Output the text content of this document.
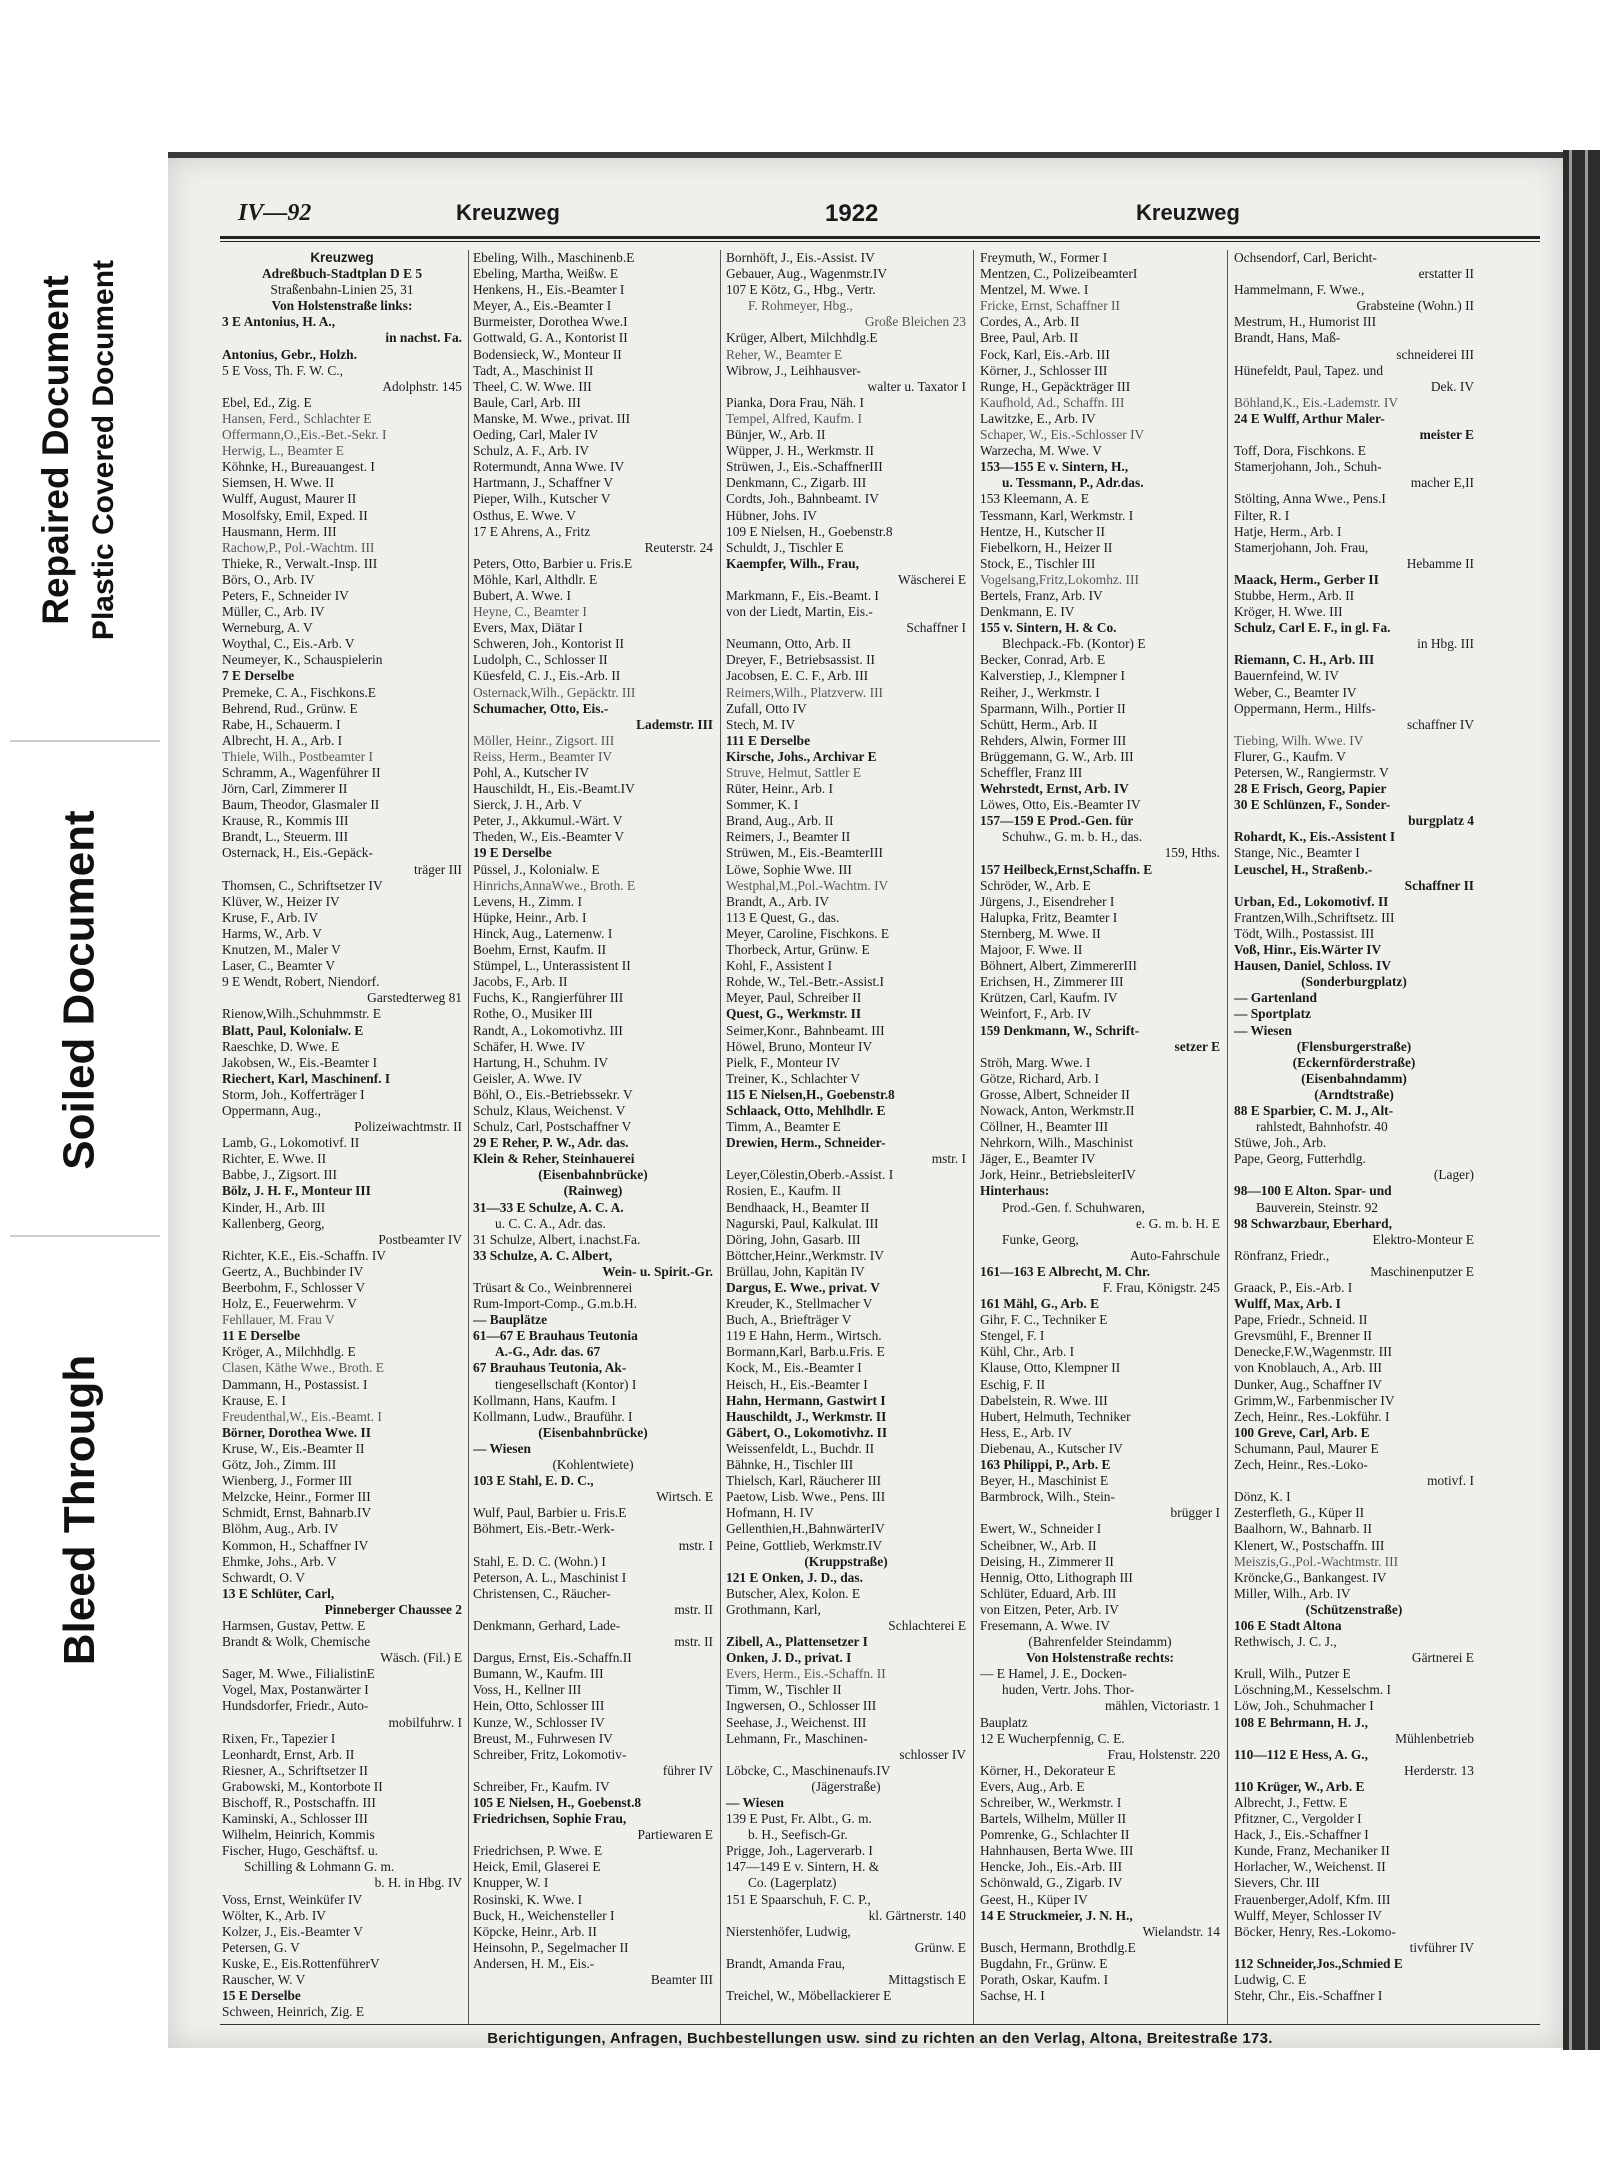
Repaired Document Plastic Covered Document
Soiled Document
Bleed Through
IV—92	Kreuzweg	1922	Kreuzweg
Kreuzweg
Adreßbuch-Stadtplan D E 5
Straßenbahn-Linien 25, 31
Von Holstenstraße links:
3 E Antonius, H. A.,
in nachst. Fa.
Antonius, Gebr., Holzh.
5 E Voss, Th. F. W. C.,
Adolphstr. 145
Ebel, Ed., Zig. E
Hansen, Ferd., Schlachter E
Offermann,O.,Eis.-Bet.-Sekr. I
Herwig, L., Beamter E
Köhnke, H., Bureauangest. I
Siemsen, H. Wwe. II
Wulff, August, Maurer II
Mosolfsky, Emil, Exped. II
Hausmann, Herm. III
Rachow,P., Pol.-Wachtm. III
Thieke, R., Verwalt.-Insp. III
Börs, O., Arb. IV
Peters, F., Schneider IV
Müller, C., Arb. IV
Werneburg, A. V
Woythal, C., Eis.-Arb. V
Neumeyer, K., Schauspielerin
7 E Derselbe
Premeke, C. A., Fischkons.E
Behrend, Rud., Grünw. E
Rabe, H., Schauerm. I
Albrecht, H. A., Arb. I
Thiele, Wilh., Postbeamter I
Schramm, A., Wagenführer II
Jörn, Carl, Zimmerer II
Baum, Theodor, Glasmaler II
Krause, R., Kommis III
Brandt, L., Steuerm. III
Osternack, H., Eis.-Gepäck-
träger III
Thomsen, C., Schriftsetzer IV
Klüver, W., Heizer IV
Kruse, F., Arb. IV
Harms, W., Arb. V
Knutzen, M., Maler V
Laser, C., Beamter V
9 E Wendt, Robert, Niendorf.
Garstedterweg 81
Rienow,Wilh.,Schuhmmstr. E
Blatt, Paul, Kolonialw. E
Raeschke, D. Wwe. E
Jakobsen, W., Eis.-Beamter I
Riechert, Karl, Maschinenf. I
Storm, Joh., Kofferträger I
Oppermann, Aug.,
Polizeiwachtmstr. II
Lamb, G., Lokomotivf. II
Richter, E. Wwe. II
Babbe, J., Zigsort. III
Bölz, J. H. F., Monteur III
Kinder, H., Arb. III
Kallenberg, Georg,
Postbeamter IV
Richter, K.E., Eis.-Schaffn. IV
Geertz, A., Buchbinder IV
Beerbohm, F., Schlosser V
Holz, E., Feuerwehrm. V
Fehllauer, M. Frau V
11 E Derselbe
Kröger, A., Milchhdlg. E
Clasen, Käthe Wwe., Broth. E
Dammann, H., Postassist. I
Krause, E. I
Freudenthal,W., Eis.-Beamt. I
Börner, Dorothea Wwe. II
Kruse, W., Eis.-Beamter II
Götz, Joh., Zimm. III
Wienberg, J., Former III
Melzcke, Heinr., Former III
Schmidt, Ernst, Bahnarb.IV
Blöhm, Aug., Arb. IV
Kommon, H., Schaffner IV
Ehmke, Johs., Arb. V
Schwardt, O. V
13 E Schlüter, Carl,
Pinneberger Chaussee 2
Harmsen, Gustav, Pettw. E
Brandt & Wolk, Chemische
Wäsch. (Fil.) E
Sager, M. Wwe., FilialistinE
Vogel, Max, Postanwärter I
Hundsdorfer, Friedr., Auto-
mobilfuhrw. I
Rixen, Fr., Tapezier I
Leonhardt, Ernst, Arb. II
Riesner, A., Schriftsetzer II
Grabowski, M., Kontorbote II
Bischoff, R., Postschaffn. III
Kaminski, A., Schlosser III
Wilhelm, Heinrich, Kommis
Fischer, Hugo, Geschäftsf. u.
Schilling & Lohmann G. m.
b. H. in Hbg. IV
Voss, Ernst, Weinküfer IV
Wölter, K., Arb. IV
Kolzer, J., Eis.-Beamter V
Petersen, G. V
Kuske, E., Eis.RottenführerV
Rauscher, W. V
15 E Derselbe
Schween, Heinrich, Zig. E
Ebeling, Wilh., Maschinenb.E
Ebeling, Martha, Weißw. E
Henkens, H., Eis.-Beamter I
Meyer, A., Eis.-Beamter I
Burmeister, Dorothea Wwe.I
Gottwald, G. A., Kontorist II
Bodensieck, W., Monteur II
Tadt, A., Maschinist II
Theel, C. W. Wwe. III
Baule, Carl, Arb. III
Manske, M. Wwe., privat. III
Oeding, Carl, Maler IV
Schulz, A. F., Arb. IV
Rotermundt, Anna Wwe. IV
Hartmann, J., Schaffner V
Pieper, Wilh., Kutscher V
Osthus, E. Wwe. V
17 E Ahrens, A., Fritz
Reuterstr. 24
Peters, Otto, Barbier u. Fris.E
Möhle, Karl, Althdlr. E
Bubert, A. Wwe. I
Heyne, C., Beamter I
Evers, Max, Diätar I
Schweren, Joh., Kontorist II
Ludolph, C., Schlosser II
Küesfeld, C. J., Eis.-Arb. II
Osternack,Wilh., Gepäcktr. III
Schumacher, Otto, Eis.-
Lademstr. III
Möller, Heinr., Zigsort. III
Reiss, Herm., Beamter IV
Pohl, A., Kutscher IV
Hauschildt, H., Eis.-Beamt.IV
Sierck, J. H., Arb. V
Peter, J., Akkumul.-Wärt. V
Theden, W., Eis.-Beamter V
19 E Derselbe
Püssel, J., Kolonialw. E
Hinrichs,AnnaWwe., Broth. E
Levens, H., Zimm. I
Hüpke, Heinr., Arb. I
Hinck, Aug., Laternenw. I
Boehm, Ernst, Kaufm. II
Stümpel, L., Unterassistent II
Jacobs, F., Arb. II
Fuchs, K., Rangierführer III
Rothe, O., Musiker III
Randt, A., Lokomotivhz. III
Schäfer, H. Wwe. IV
Hartung, H., Schuhm. IV
Geisler, A. Wwe. IV
Böhl, O., Eis.-Betriebssekr. V
Schulz, Klaus, Weichenst. V
Schulz, Carl, Postschaffner V
29 E Reher, P. W., Adr. das.
Klein & Reher, Steinhauerei
(Eisenbahnbrücke)
(Rainweg)
31—33 E Schulze, A. C. A.
u. C. C. A., Adr. das.
31 Schulze, Albert, i.nachst.Fa.
33 Schulze, A. C. Albert,
Wein- u. Spirit.-Gr.
Trüsart & Co., Weinbrennerei
Rum-Import-Comp., G.m.b.H.
— Bauplätze
61—67 E Brauhaus Teutonia
A.-G., Adr. das. 67
67 Brauhaus Teutonia, Ak-
tiengesellschaft (Kontor) I
Kollmann, Hans, Kaufm. I
Kollmann, Ludw., Brauführ. I
(Eisenbahnbrücke)
— Wiesen
(Kohlentwiete)
103 E Stahl, E. D. C.,
Wirtsch. E
Wulf, Paul, Barbier u. Fris.E
Böhmert, Eis.-Betr.-Werk-
mstr. I
Stahl, E. D. C. (Wohn.) I
Peterson, A. L., Maschinist I
Christensen, C., Räucher-
mstr. II
Denkmann, Gerhard, Lade-
mstr. II
Dargus, Ernst, Eis.-Schaffn.II
Bumann, W., Kaufm. III
Voss, H., Kellner III
Hein, Otto, Schlosser III
Kunze, W., Schlosser IV
Breust, M., Fuhrwesen IV
Schreiber, Fritz, Lokomotiv-
führer IV
Schreiber, Fr., Kaufm. IV
105 E Nielsen, H., Goebenst.8
Friedrichsen, Sophie Frau,
Partiewaren E
Friedrichsen, P. Wwe. E
Heick, Emil, Glaserei E
Knupper, W. I
Rosinski, K. Wwe. I
Buck, H., Weichensteller I
Köpcke, Heinr., Arb. II
Heinsohn, P., Segelmacher II
Andersen, H. M., Eis.-
Beamter III
Bornhöft, J., Eis.-Assist. IV
Gebauer, Aug., Wagenmstr.IV
107 E Kötz, G., Hbg., Vertr.
F. Rohmeyer, Hbg.,
Große Bleichen 23
Krüger, Albert, Milchhdlg.E
Reher, W., Beamter E
Wibrow, J., Leihhausver-
walter u. Taxator I
Pianka, Dora Frau, Näh. I
Tempel, Alfred, Kaufm. I
Bünjer, W., Arb. II
Wüpper, J. H., Werkmstr. II
Strüwen, J., Eis.-SchaffnerIII
Denkmann, C., Zigarb. III
Cordts, Joh., Bahnbeamt. IV
Hübner, Johs. IV
109 E Nielsen, H., Goebenstr.8
Schuldt, J., Tischler E
Kaempfer, Wilh., Frau,
Wäscherei E
Markmann, F., Eis.-Beamt. I
von der Liedt, Martin, Eis.-
Schaffner I
Neumann, Otto, Arb. II
Dreyer, F., Betriebsassist. II
Jacobsen, E. C. F., Arb. III
Reimers,Wilh., Platzverw. III
Zufall, Otto IV
Stech, M. IV
111 E Derselbe
Kirsche, Johs., Archivar E
Struve, Helmut, Sattler E
Rüter, Heinr., Arb. I
Sommer, K. I
Brand, Aug., Arb. II
Reimers, J., Beamter II
Strüwen, M., Eis.-BeamterIII
Löwe, Sophie Wwe. III
Westphal,M.,Pol.-Wachtm. IV
Brandt, A., Arb. IV
113 E Quest, G., das.
Meyer, Caroline, Fischkons. E
Thorbeck, Artur, Grünw. E
Kohl, F., Assistent I
Rohde, W., Tel.-Betr.-Assist.I
Meyer, Paul, Schreiber II
Quest, G., Werkmstr. II
Seimer,Konr., Bahnbeamt. III
Höwel, Bruno, Monteur IV
Pielk, F., Monteur IV
Treiner, K., Schlachter V
115 E Nielsen,H., Goebenstr.8
Schlaack, Otto, Mehlhdlr. E
Timm, A., Beamter E
Drewien, Herm., Schneider-
mstr. I
Leyer,Cölestin,Oberb.-Assist. I
Rosien, E., Kaufm. II
Bendhaack, H., Beamter II
Nagurski, Paul, Kalkulat. III
Döring, John, Gasarb. III
Böttcher,Heinr.,Werkmstr. IV
Brüllau, John, Kapitän IV
Dargus, E. Wwe., privat. V
Kreuder, K., Stellmacher V
Buch, A., Briefträger V
119 E Hahn, Herm., Wirtsch.
Bormann,Karl, Barb.u.Fris. E
Kock, M., Eis.-Beamter I
Heisch, H., Eis.-Beamter I
Hahn, Hermann, Gastwirt I
Hauschildt, J., Werkmstr. II
Gäbert, O., Lokomotivhz. II
Weissenfeldt, L., Buchdr. II
Bähnke, H., Tischler III
Thielsch, Karl, Räucherer III
Paetow, Lisb. Wwe., Pens. III
Hofmann, H. IV
Gellenthien,H.,BahnwärterIV
Peine, Gottlieb, Werkmstr.IV
(Kruppstraße)
121 E Onken, J. D., das.
Butscher, Alex, Kolon. E
Grothmann, Karl,
Schlachterei E
Zibell, A., Plattensetzer I
Onken, J. D., privat. I
Evers, Herm., Eis.-Schaffn. II
Timm, W., Tischler II
Ingwersen, O., Schlosser III
Seehase, J., Weichenst. III
Lehmann, Fr., Maschinen-
schlosser IV
Löbcke, C., Maschinenaufs.IV
(Jägerstraße)
— Wiesen
139 E Pust, Fr. Albt., G. m.
b. H., Seefisch-Gr.
Prigge, Joh., Lagerverarb. I
147—149 E v. Sintern, H. &
Co. (Lagerplatz)
151 E Spaarschuh, F. C. P.,
kl. Gärtnerstr. 140
Nierstenhöfer, Ludwig,
Grünw. E
Brandt, Amanda Frau,
Mittagstisch E
Treichel, W., Möbellackierer E
Freymuth, W., Former I
Mentzen, C., PolizeibeamterI
Mentzel, M. Wwe. I
Fricke, Ernst, Schaffner II
Cordes, A., Arb. II
Bree, Paul, Arb. II
Fock, Karl, Eis.-Arb. III
Körner, J., Schlosser III
Runge, H., Gepäckträger III
Kaufhold, Ad., Schaffn. III
Lawitzke, E., Arb. IV
Schaper, W., Eis.-Schlosser IV
Warzecha, M. Wwe. V
153—155 E v. Sintern, H.,
u. Tessmann, P., Adr.das.
153 Kleemann, A. E
Tessmann, Karl, Werkmstr. I
Hentze, H., Kutscher II
Fiebelkorn, H., Heizer II
Stock, E., Tischler III
Vogelsang,Fritz,Lokomhz. III
Bertels, Franz, Arb. IV
Denkmann, E. IV
155 v. Sintern, H. & Co.
Blechpack.-Fb. (Kontor) E
Becker, Conrad, Arb. E
Kalverstiep, J., Klempner I
Reiher, J., Werkmstr. I
Sparmann, Wilh., Portier II
Schütt, Herm., Arb. II
Rehders, Alwin, Former III
Brüggemann, G. W., Arb. III
Scheffler, Franz III
Wehrstedt, Ernst, Arb. IV
Löwes, Otto, Eis.-Beamter IV
157—159 E Prod.-Gen. für
Schuhw., G. m. b. H., das.
159, Hths.
157 Heilbeck,Ernst,Schaffn. E
Schröder, W., Arb. E
Jürgens, J., Eisendreher I
Halupka, Fritz, Beamter I
Sternberg, M. Wwe. II
Majoor, F. Wwe. II
Böhnert, Albert, ZimmererIII
Erichsen, H., Zimmerer III
Krützen, Carl, Kaufm. IV
Weinfort, F., Arb. IV
159 Denkmann, W., Schrift-
setzer E
Ströh, Marg. Wwe. I
Götze, Richard, Arb. I
Grosse, Albert, Schneider II
Nowack, Anton, Werkmstr.II
Cöllner, H., Beamter III
Nehrkorn, Wilh., Maschinist
Jäger, E., Beamter IV
Jork, Heinr., BetriebsleiterIV
Hinterhaus:
Prod.-Gen. f. Schuhwaren,
e. G. m. b. H. E
Funke, Georg,
Auto-Fahrschule
161—163 E Albrecht, M. Chr.
F. Frau, Königstr. 245
161 Mähl, G., Arb. E
Gihr, F. C., Techniker E
Stengel, F. I
Kühl, Chr., Arb. I
Klause, Otto, Klempner II
Eschig, F. II
Dabelstein, R. Wwe. III
Hubert, Helmuth, Techniker
Hess, E., Arb. IV
Diebenau, A., Kutscher IV
163 Philippi, P., Arb. E
Beyer, H., Maschinist E
Barmbrock, Wilh., Stein-
brügger I
Ewert, W., Schneider I
Scheibner, W., Arb. II
Deising, H., Zimmerer II
Hennig, Otto, Lithograph III
Schlüter, Eduard, Arb. III
von Eitzen, Peter, Arb. IV
Fresemann, A. Wwe. IV
(Bahrenfelder Steindamm)
Von Holstenstraße rechts:
— E Hamel, J. E., Docken-
huden, Vertr. Johs. Thor-
mählen, Victoriastr. 1
Bauplatz
12 E Wucherpfennig, C. E.
Frau, Holstenstr. 220
Körner, H., Dekorateur E
Evers, Aug., Arb. E
Schreiber, W., Werkmstr. I
Bartels, Wilhelm, Müller II
Pomrenke, G., Schlachter II
Hahnhausen, Berta Wwe. III
Hencke, Joh., Eis.-Arb. III
Schönwald, G., Zigarb. IV
Geest, H., Küper IV
14 E Struckmeier, J. N. H.,
Wielandstr. 14
Busch, Hermann, Brothdlg.E
Bugdahn, Fr., Grünw. E
Porath, Oskar, Kaufm. I
Sachse, H. I
Ochsendorf, Carl, Bericht-
erstatter II
Hammelmann, F. Wwe.,
Grabsteine (Wohn.) II
Mestrum, H., Humorist III
Brandt, Hans, Maß-
schneiderei III
Hünefeldt, Paul, Tapez. und
Dek. IV
Böhland,K., Eis.-Lademstr. IV
24 E Wulff, Arthur Maler-
meister E
Toff, Dora, Fischkons. E
Stamerjohann, Joh., Schuh-
macher E,II
Stölting, Anna Wwe., Pens.I
Filter, R. I
Hatje, Herm., Arb. I
Stamerjohann, Joh. Frau,
Hebamme II
Maack, Herm., Gerber II
Stubbe, Herm., Arb. II
Kröger, H. Wwe. III
Schulz, Carl E. F., in gl. Fa.
in Hbg. III
Riemann, C. H., Arb. III
Bauernfeind, W. IV
Weber, C., Beamter IV
Oppermann, Herm., Hilfs-
schaffner IV
Tiebing, Wilh. Wwe. IV
Flurer, G., Kaufm. V
Petersen, W., Rangiermstr. V
28 E Frisch, Georg, Papier
30 E Schlünzen, F., Sonder-
burgplatz 4
Rohardt, K., Eis.-Assistent I
Stange, Nic., Beamter I
Leuschel, H., Straßenb.-
Schaffner II
Urban, Ed., Lokomotivf. II
Frantzen,Wilh.,Schriftsetz. III
Tödt, Wilh., Postassist. III
Voß, Hinr., Eis.Wärter IV
Hausen, Daniel, Schloss. IV
(Sonderburgplatz)
— Gartenland
— Sportplatz
— Wiesen
(Flensburgerstraße)
(Eckernförderstraße)
(Eisenbahndamm)
(Arndtstraße)
88 E Sparbier, C. M. J., Alt-
rahlstedt, Bahnhofstr. 40
Stüwe, Joh., Arb.
Pape, Georg, Futterhdlg.
(Lager)
98—100 E Alton. Spar- und
Bauverein, Steinstr. 92
98 Schwarzbaur, Eberhard,
Elektro-Monteur E
Rönfranz, Friedr.,
Maschinenputzer E
Graack, P., Eis.-Arb. I
Wulff, Max, Arb. I
Pape, Friedr., Schneid. II
Grevsmühl, F., Brenner II
Denecke,F.W.,Wagenmstr. III
von Knoblauch, A., Arb. III
Dunker, Aug., Schaffner IV
Grimm,W., Farbenmischer IV
Zech, Heinr., Res.-Lokführ. I
100 Greve, Carl, Arb. E
Schumann, Paul, Maurer E
Zech, Heinr., Res.-Loko-
motivf. I
Dönz, K. I
Zesterfleth, G., Küper II
Baalhorn, W., Bahnarb. II
Klenert, W., Postschaffn. III
Meiszis,G.,Pol.-Wachtmstr. III
Kröncke,G., Bankangest. IV
Miller, Wilh., Arb. IV
(Schützenstraße)
106 E Stadt Altona
Rethwisch, J. C. J.,
Gärtnerei E
Krull, Wilh., Putzer E
Löschning,M., Kesselschm. I
Löw, Joh., Schuhmacher I
108 E Behrmann, H. J.,
Mühlenbetrieb
110—112 E Hess, A. G.,
Herderstr. 13
110 Krüger, W., Arb. E
Albrecht, J., Fettw. E
Pfitzner, C., Vergolder I
Hack, J., Eis.-Schaffner I
Kunde, Franz, Mechaniker II
Horlacher, W., Weichenst. II
Sievers, Chr. III
Frauenberger,Adolf, Kfm. III
Wulff, Meyer, Schlosser IV
Böcker, Henry, Res.-Lokomo-
tivführer IV
112 Schneider,Jos.,Schmied E
Ludwig, C. E
Stehr, Chr., Eis.-Schaffner I
Berichtigungen, Anfragen, Buchbestellungen usw. sind zu richten an den Verlag, Altona, Breitestraße 173.
